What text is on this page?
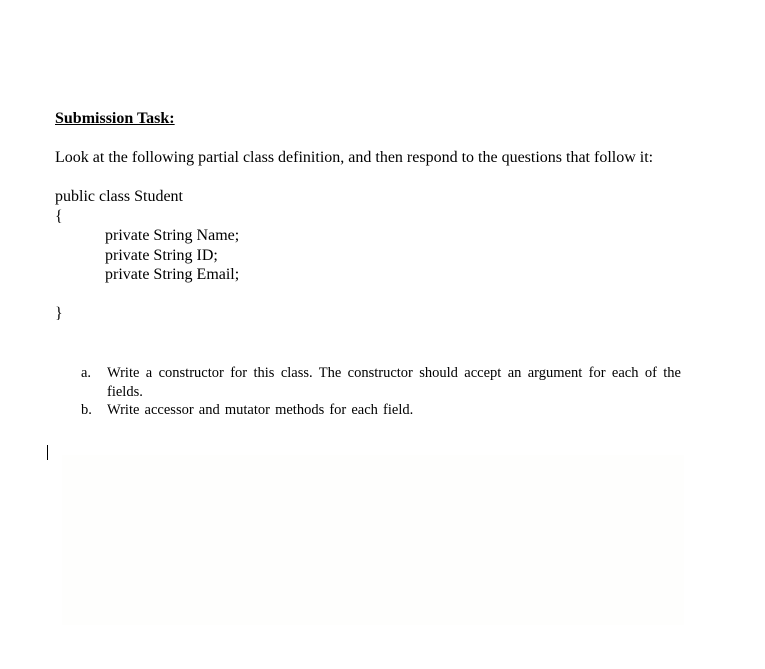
Submission Task:
Look at the following partial class definition, and then respond to the questions that follow it:
public class Student
{
private String Name;
private String ID;
private String Email;
}
a.	Write a constructor for this class. The constructor should accept an argument for each of the fields.
b.	Write accessor and mutator methods for each field.
